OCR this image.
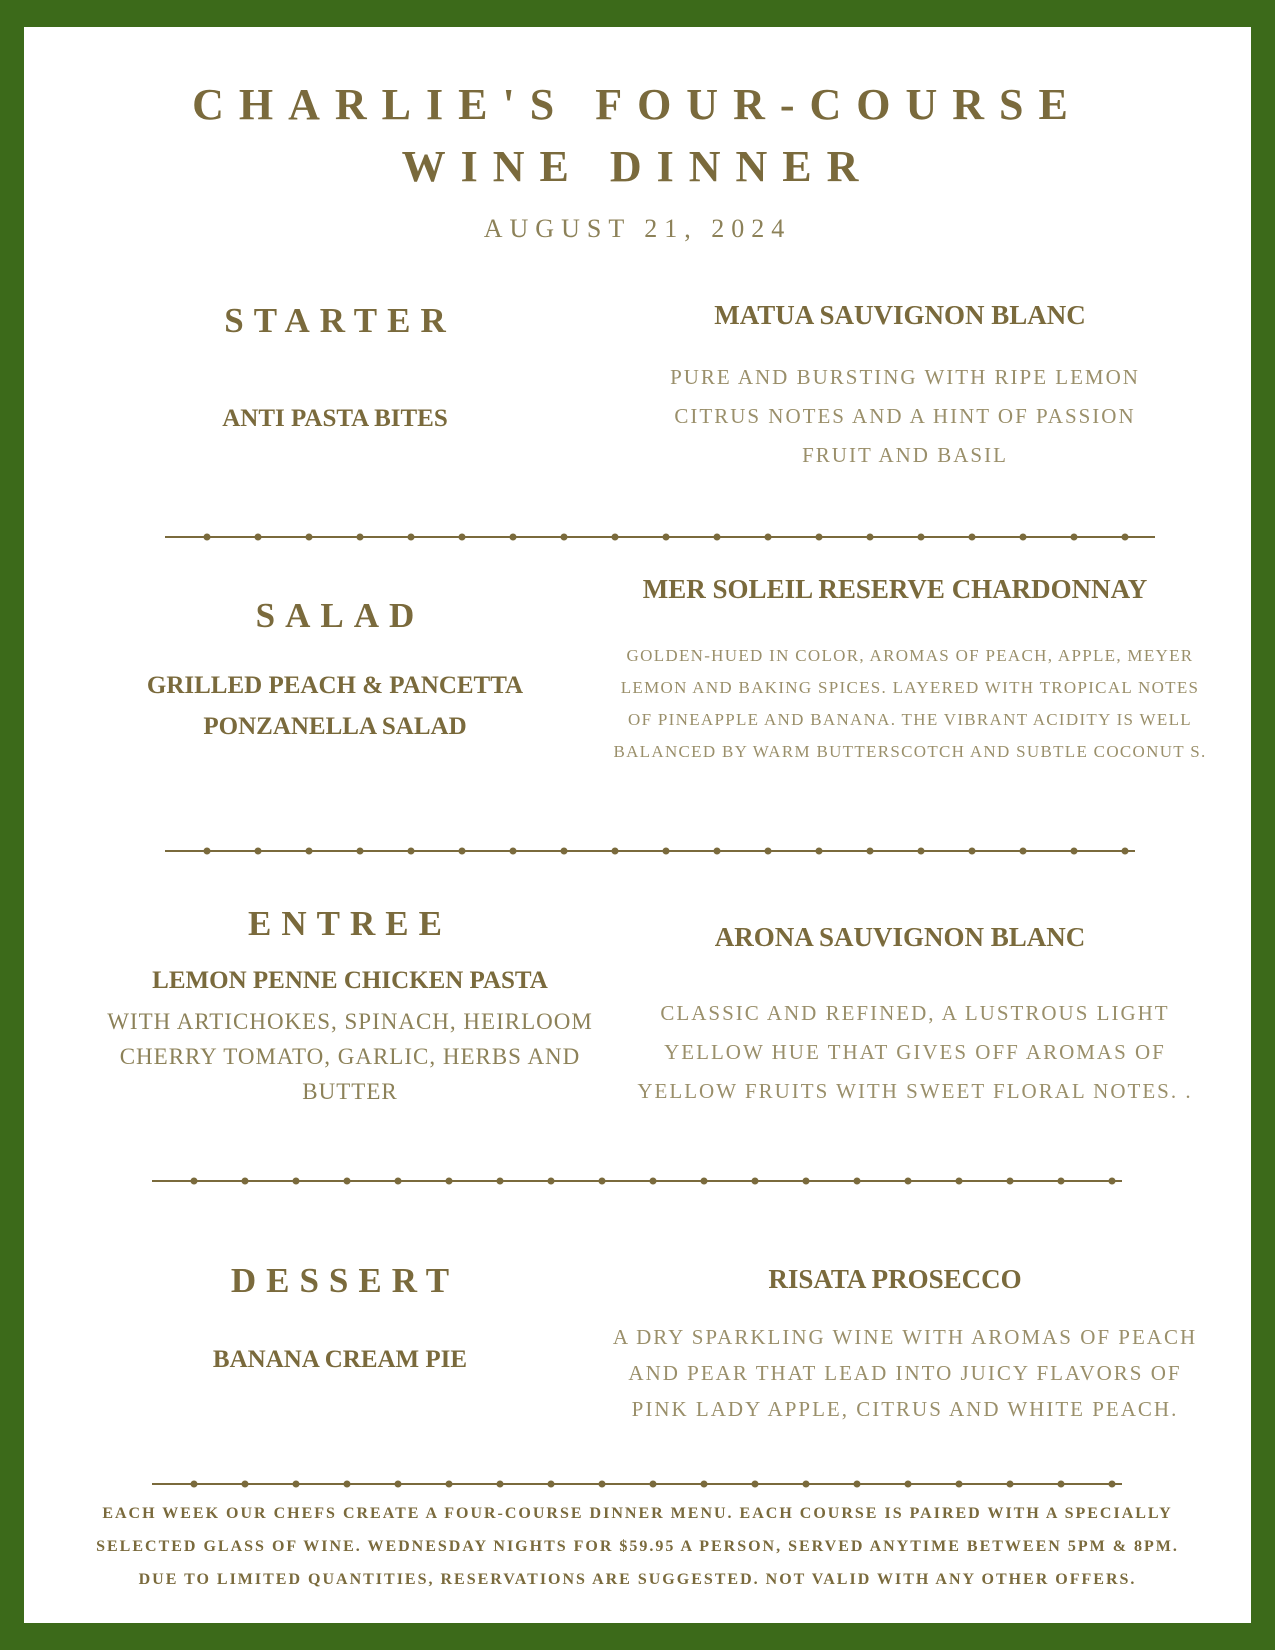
CHARLIE'S FOUR-COURSE
WINE DINNER
AUGUST 21, 2024
STARTER
ANTI PASTA BITES
MATUA SAUVIGNON BLANC
PURE AND BURSTING WITH RIPE LEMON
CITRUS NOTES AND A HINT OF PASSION
FRUIT AND BASIL
SALAD
GRILLED PEACH & PANCETTA
PONZANELLA SALAD
MER SOLEIL RESERVE CHARDONNAY
GOLDEN-HUED IN COLOR, AROMAS OF PEACH, APPLE, MEYER
LEMON AND BAKING SPICES. LAYERED WITH TROPICAL NOTES
OF PINEAPPLE AND BANANA. THE VIBRANT ACIDITY IS WELL
BALANCED BY WARM BUTTERSCOTCH AND SUBTLE COCONUT S.
ENTREE
LEMON PENNE CHICKEN PASTA
WITH ARTICHOKES, SPINACH, HEIRLOOM
CHERRY TOMATO, GARLIC, HERBS AND
BUTTER
ARONA SAUVIGNON BLANC
CLASSIC AND REFINED, A LUSTROUS LIGHT
YELLOW HUE THAT GIVES OFF AROMAS OF
YELLOW FRUITS WITH SWEET FLORAL NOTES. .
DESSERT
BANANA CREAM PIE
RISATA PROSECCO
A DRY SPARKLING WINE WITH AROMAS OF PEACH
AND PEAR THAT LEAD INTO JUICY FLAVORS OF
PINK LADY APPLE, CITRUS AND WHITE PEACH.
EACH WEEK OUR CHEFS CREATE A FOUR-COURSE DINNER MENU. EACH COURSE IS PAIRED WITH A SPECIALLY
SELECTED GLASS OF WINE. WEDNESDAY NIGHTS FOR $59.95 A PERSON, SERVED ANYTIME BETWEEN 5PM & 8PM.
DUE TO LIMITED QUANTITIES, RESERVATIONS ARE SUGGESTED. NOT VALID WITH ANY OTHER OFFERS.
